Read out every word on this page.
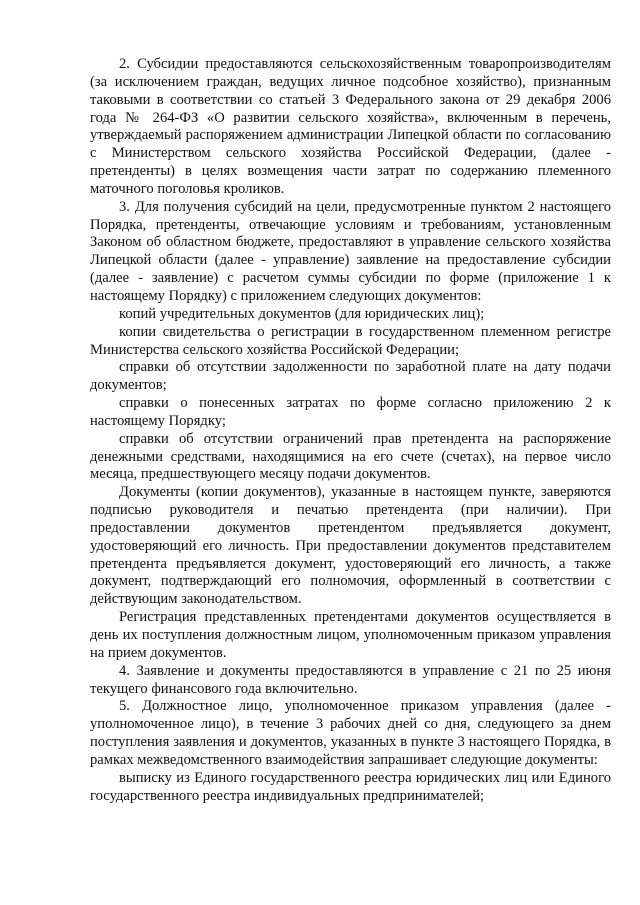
2. Субсидии предоставляются сельскохозяйственным товаропроизводителям (за исключением граждан, ведущих личное подсобное хозяйство), признанным таковыми в соответствии со статьей 3 Федерального закона от 29 декабря 2006 года № 264-ФЗ «О развитии сельского хозяйства», включенным в перечень, утверждаемый распоряжением администрации Липецкой области по согласованию с Министерством сельского хозяйства Российской Федерации, (далее - претенденты) в целях возмещения части затрат по содержанию племенного маточного поголовья кроликов.

3. Для получения субсидий на цели, предусмотренные пунктом 2 настоящего Порядка, претенденты, отвечающие условиям и требованиям, установленным Законом об областном бюджете, предоставляют в управление сельского хозяйства Липецкой области (далее - управление) заявление на предоставление субсидии (далее - заявление) с расчетом суммы субсидии по форме (приложение 1 к настоящему Порядку) с приложением следующих документов:

копий учредительных документов (для юридических лиц);

копии свидетельства о регистрации в государственном племенном регистре Министерства сельского хозяйства Российской Федерации;

справки об отсутствии задолженности по заработной плате на дату подачи документов;

справки о понесенных затратах по форме согласно приложению 2 к настоящему Порядку;

справки об отсутствии ограничений прав претендента на распоряжение денежными средствами, находящимися на его счете (счетах), на первое число месяца, предшествующего месяцу подачи документов.

Документы (копии документов), указанные в настоящем пункте, заверяются подписью руководителя и печатью претендента (при наличии). При предоставлении документов претендентом предъявляется документ, удостоверяющий его личность. При предоставлении документов представителем претендента предъявляется документ, удостоверяющий его личность, а также документ, подтверждающий его полномочия, оформленный в соответствии с действующим законодательством.

Регистрация представленных претендентами документов осуществляется в день их поступления должностным лицом, уполномоченным приказом управления на прием документов.

4. Заявление и документы предоставляются в управление с 21 по 25 июня текущего финансового года включительно.

5. Должностное лицо, уполномоченное приказом управления (далее - уполномоченное лицо), в течение 3 рабочих дней со дня, следующего за днем поступления заявления и документов, указанных в пункте 3 настоящего Порядка, в рамках межведомственного взаимодействия запрашивает следующие документы:

выписку из Единого государственного реестра юридических лиц или Единого государственного реестра индивидуальных предпринимателей;
